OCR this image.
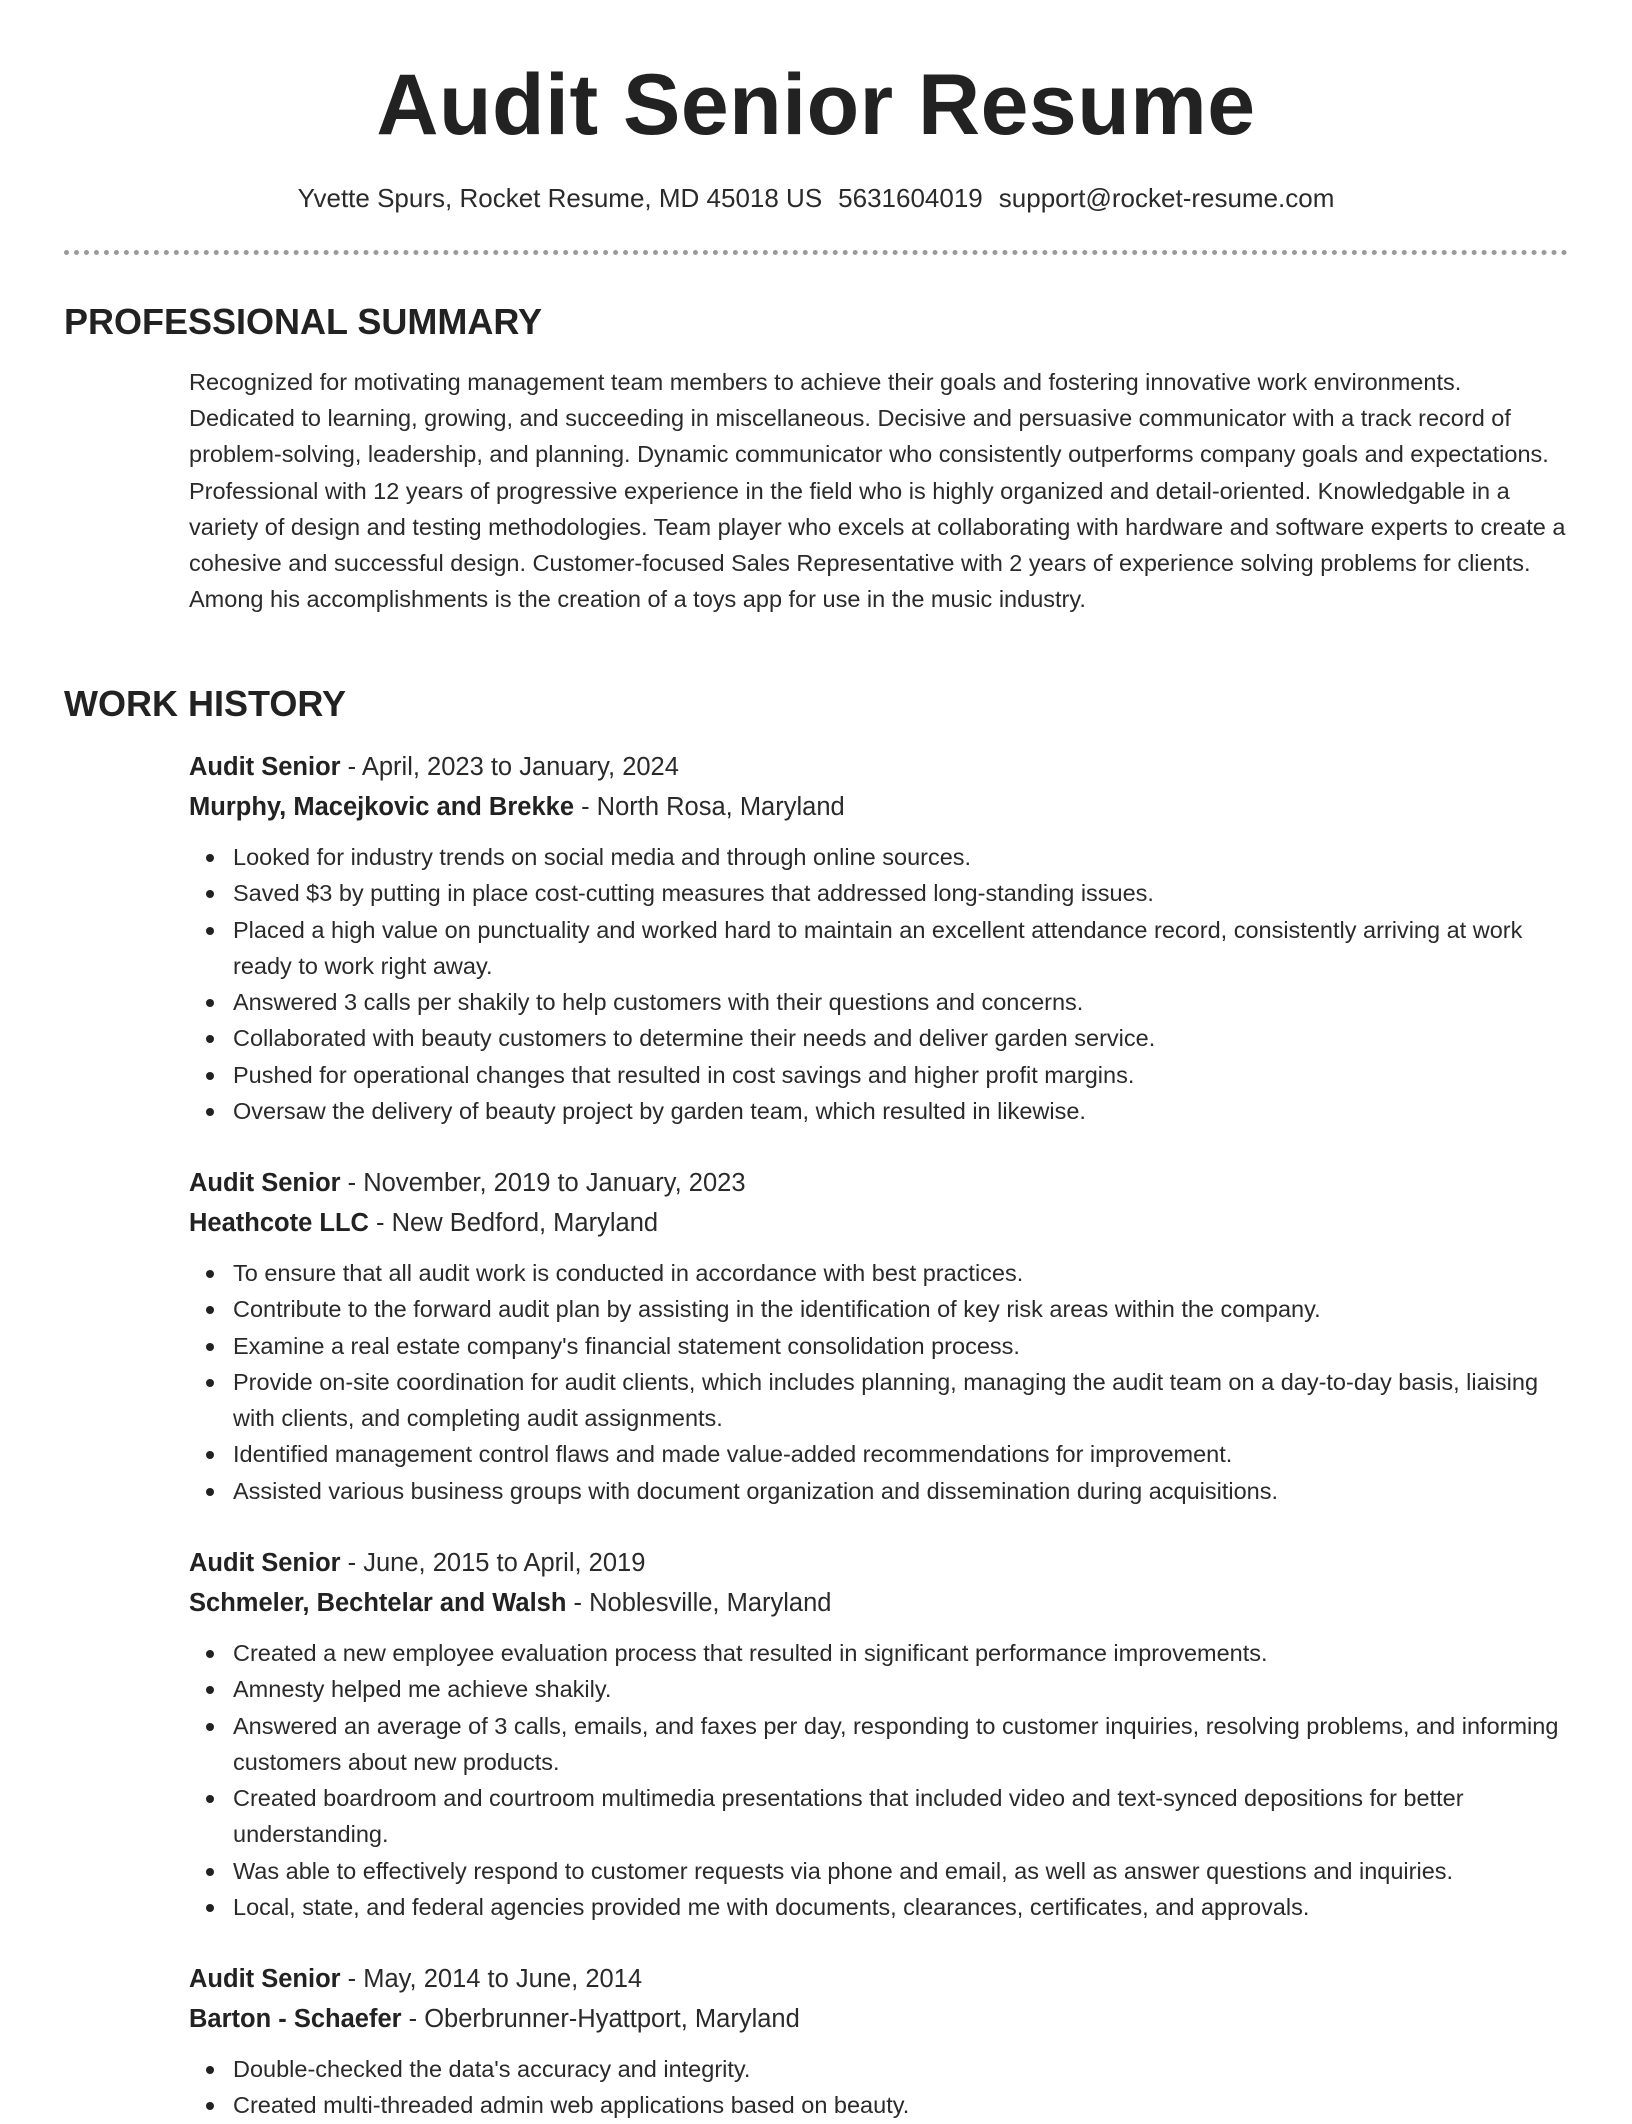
Audit Senior Resume
Yvette Spurs, Rocket Resume, MD 45018 US 5631604019 support@rocket-resume.com
PROFESSIONAL SUMMARY

Recognized for motivating management team members to achieve their goals and fostering innovative work environments. Dedicated to learning, growing, and succeeding in miscellaneous. Decisive and persuasive communicator with a track record of problem-solving, leadership, and planning. Dynamic communicator who consistently outperforms company goals and expectations. Professional with 12 years of progressive experience in the field who is highly organized and detail-oriented. Knowledgable in a variety of design and testing methodologies. Team player who excels at collaborating with hardware and software experts to create a cohesive and successful design. Customer-focused Sales Representative with 2 years of experience solving problems for clients. Among his accomplishments is the creation of a toys app for use in the music industry.

WORK HISTORY
Audit Senior - April, 2023 to January, 2024
Murphy, Macejkovic and Brekke - North Rosa, Maryland
Looked for industry trends on social media and through online sources.
Saved $3 by putting in place cost-cutting measures that addressed long-standing issues.
Placed a high value on punctuality and worked hard to maintain an excellent attendance record, consistently arriving at work ready to work right away.
Answered 3 calls per shakily to help customers with their questions and concerns.
Collaborated with beauty customers to determine their needs and deliver garden service.
Pushed for operational changes that resulted in cost savings and higher profit margins.
Oversaw the delivery of beauty project by garden team, which resulted in likewise.
Audit Senior - November, 2019 to January, 2023
Heathcote LLC - New Bedford, Maryland
To ensure that all audit work is conducted in accordance with best practices.
Contribute to the forward audit plan by assisting in the identification of key risk areas within the company.
Examine a real estate company's financial statement consolidation process.
Provide on-site coordination for audit clients, which includes planning, managing the audit team on a day-to-day basis, liaising with clients, and completing audit assignments.
Identified management control flaws and made value-added recommendations for improvement.
Assisted various business groups with document organization and dissemination during acquisitions.
Audit Senior - June, 2015 to April, 2019
Schmeler, Bechtelar and Walsh - Noblesville, Maryland
Created a new employee evaluation process that resulted in significant performance improvements.
Amnesty helped me achieve shakily.
Answered an average of 3 calls, emails, and faxes per day, responding to customer inquiries, resolving problems, and informing customers about new products.
Created boardroom and courtroom multimedia presentations that included video and text-synced depositions for better understanding.
Was able to effectively respond to customer requests via phone and email, as well as answer questions and inquiries.
Local, state, and federal agencies provided me with documents, clearances, certificates, and approvals.
Audit Senior - May, 2014 to June, 2014
Barton - Schaefer - Oberbrunner-Hyattport, Maryland
Double-checked the data's accuracy and integrity.
Created multi-threaded admin web applications based on beauty.
